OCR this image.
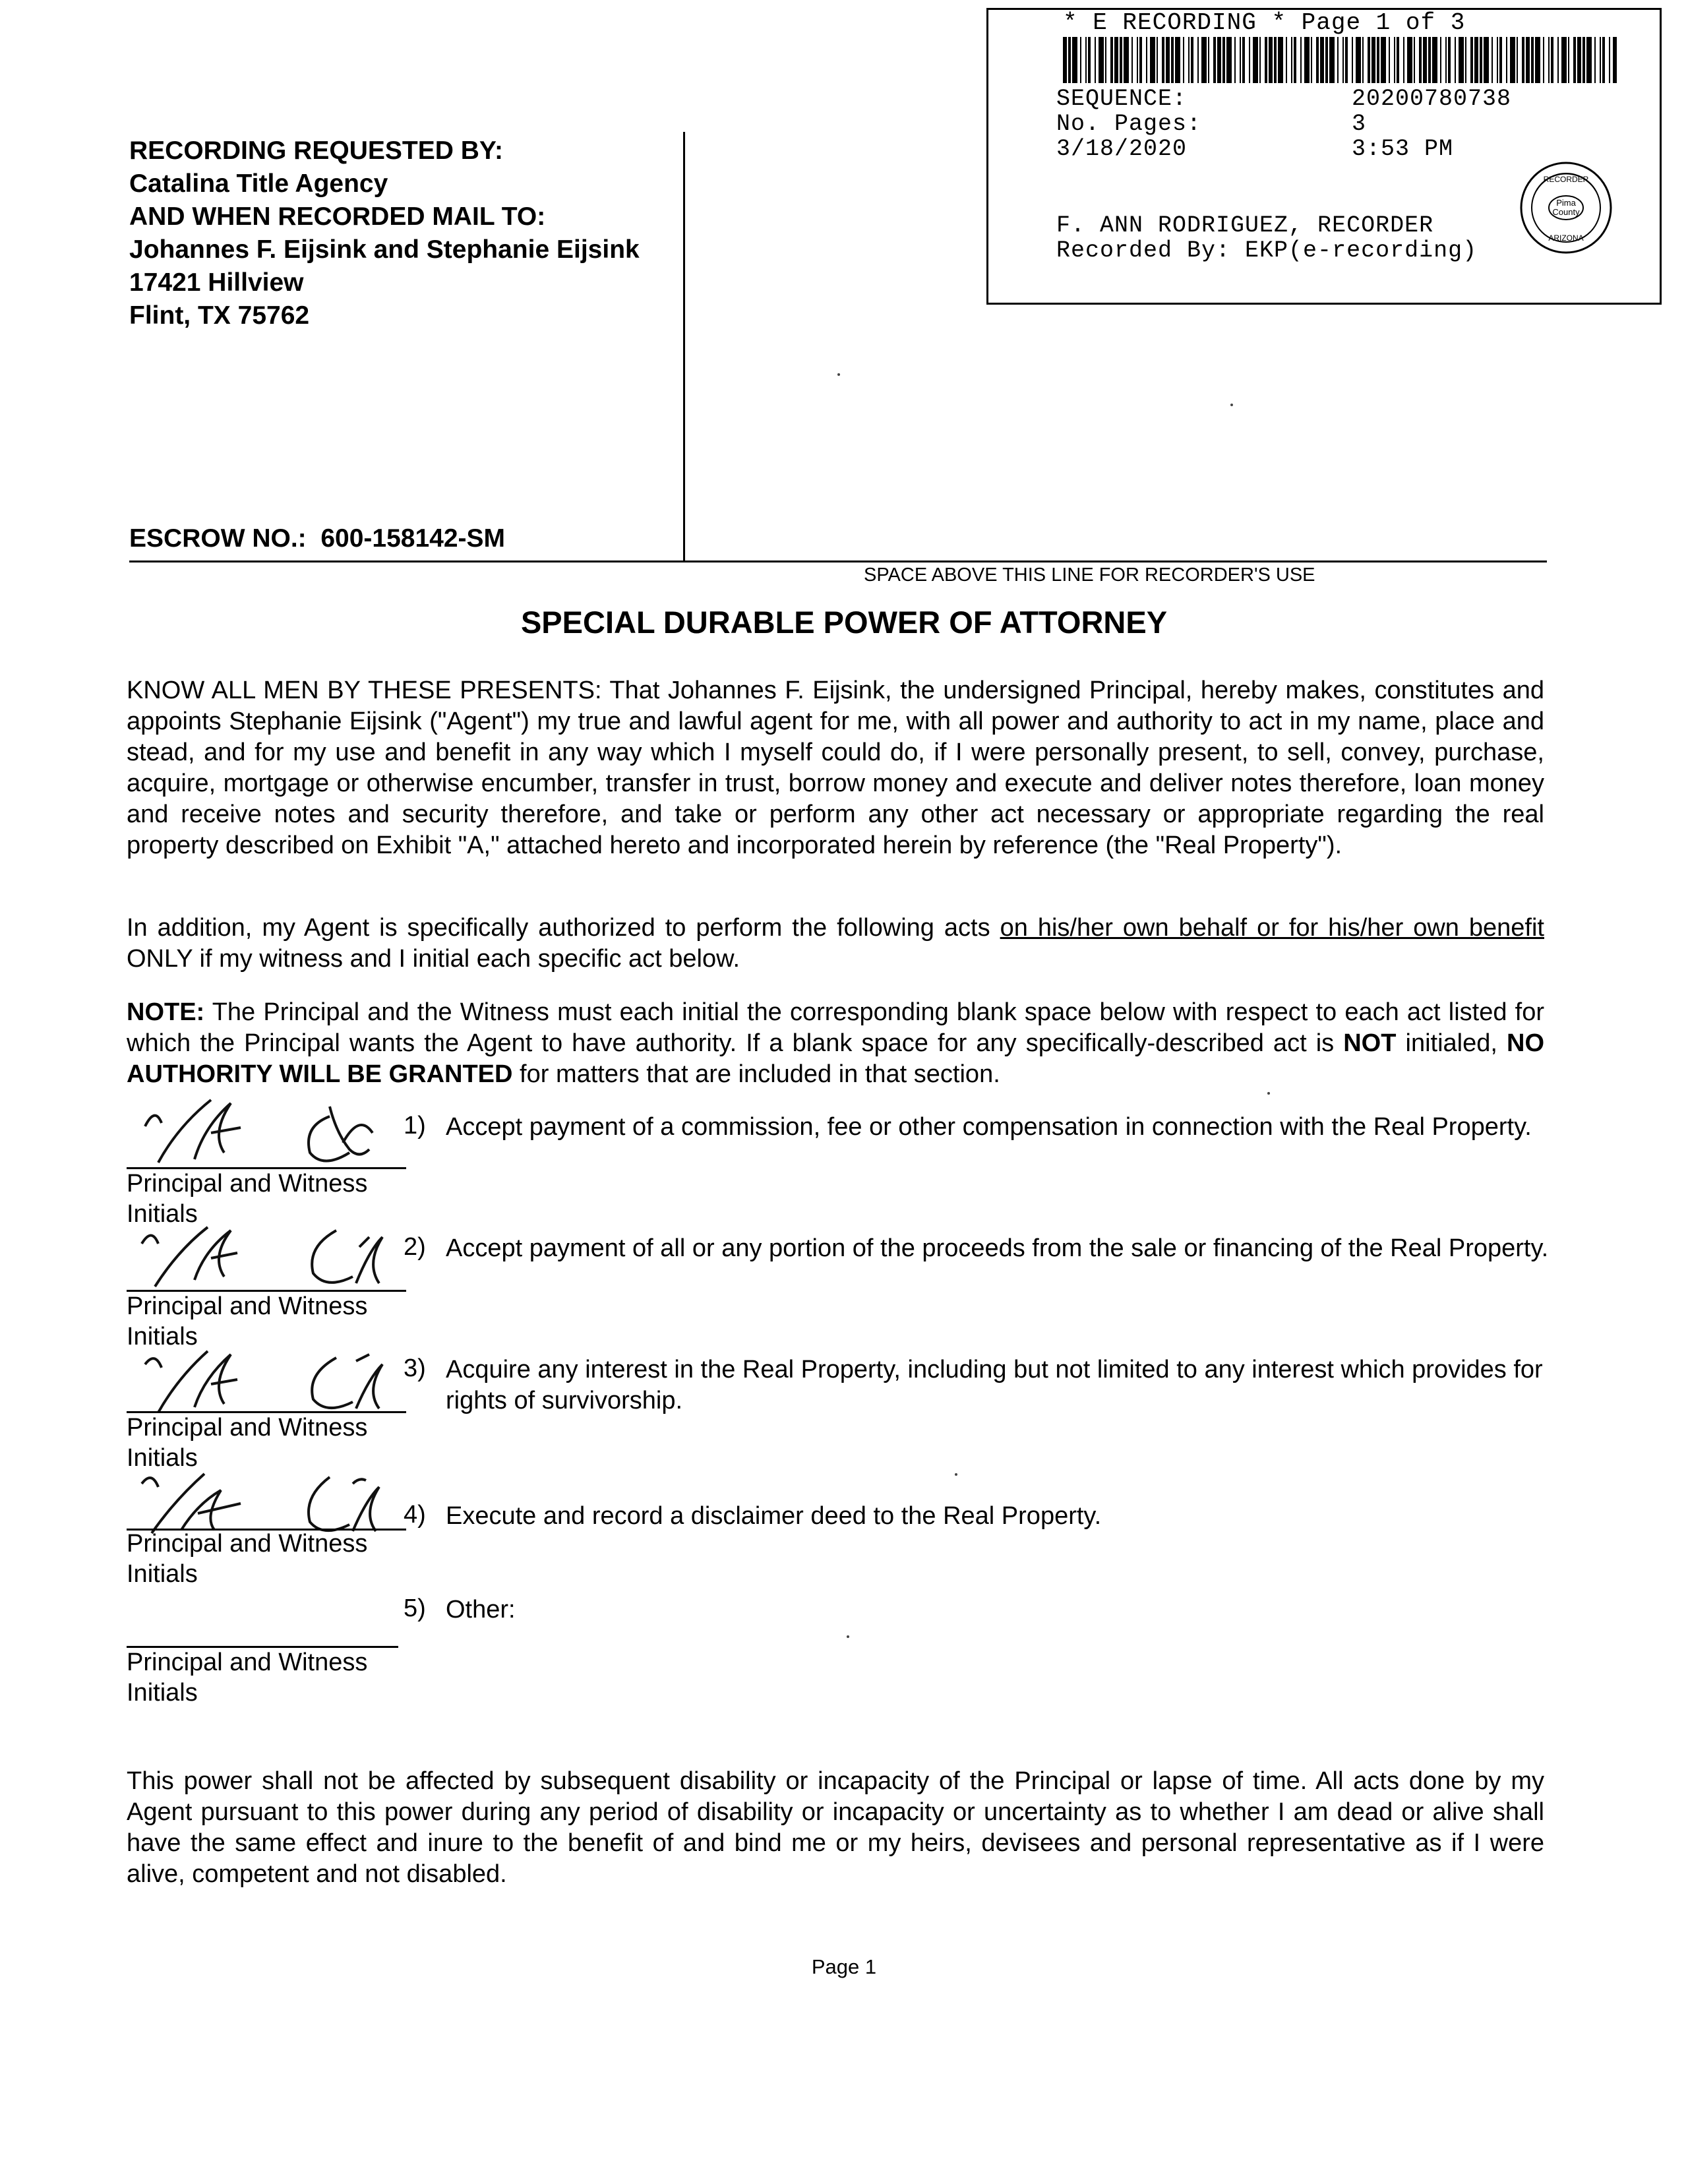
RECORDING REQUESTED BY:
Catalina Title Agency
AND WHEN RECORDED MAIL TO:
Johannes F. Eijsink and Stephanie Eijsink
17421 Hillview
Flint, TX 75762
ESCROW NO.: 600-158142-SM
SPACE ABOVE THIS LINE FOR RECORDER'S USE
* E RECORDING * Page 1 of 3
SEQUENCE:	20200780738
No. Pages:	3
3/18/2020	3:53 PM
F. ANN RODRIGUEZ, RECORDER
Recorded By: EKP(e-recording)
Pima
County
RECORDER
ARIZONA
SPECIAL DURABLE POWER OF ATTORNEY
KNOW ALL MEN BY THESE PRESENTS: That Johannes F. Eijsink, the undersigned Principal, hereby makes, constitutes and appoints Stephanie Eijsink ("Agent") my true and lawful agent for me, with all power and authority to act in my name, place and stead, and for my use and benefit in any way which I myself could do, if I were personally present, to sell, convey, purchase, acquire, mortgage or otherwise encumber, transfer in trust, borrow money and execute and deliver notes therefore, loan money and receive notes and security therefore, and take or perform any other act necessary or appropriate regarding the real property described on Exhibit "A," attached hereto and incorporated herein by reference (the "Real Property").
In addition, my Agent is specifically authorized to perform the following acts on his/her own behalf or for his/her own benefit ONLY if my witness and I initial each specific act below.
NOTE: The Principal and the Witness must each initial the corresponding blank space below with respect to each act listed for which the Principal wants the Agent to have authority. If a blank space for any specifically-described act is NOT initialed, NO AUTHORITY WILL BE GRANTED for matters that are included in that section.
Principal and Witness
Initials
1) Accept payment of a commission, fee or other compensation in connection with the Real Property.
Principal and Witness
Initials
2) Accept payment of all or any portion of the proceeds from the sale or financing of the Real Property.
Principal and Witness
Initials
3) Acquire any interest in the Real Property, including but not limited to any interest which provides for rights of survivorship.
Principal and Witness
Initials
4) Execute and record a disclaimer deed to the Real Property.
Principal and Witness
Initials
5) Other:
This power shall not be affected by subsequent disability or incapacity of the Principal or lapse of time. All acts done by my Agent pursuant to this power during any period of disability or incapacity or uncertainty as to whether I am dead or alive shall have the same effect and inure to the benefit of and bind me or my heirs, devisees and personal representative as if I were alive, competent and not disabled.
Page 1
